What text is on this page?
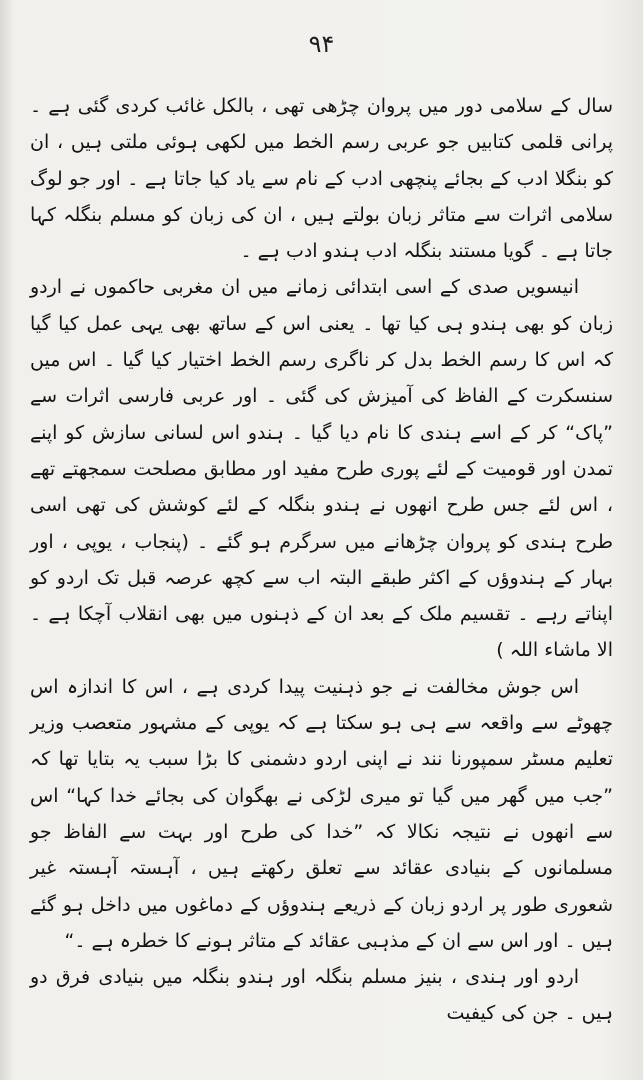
۹۴

سال کے سلامی دور میں پروان چڑھی تھی ، بالکل غائب کردی گئی ہے ۔ پرانی قلمی کتابیں جو عربی رسم الخط میں لکھی ہوئی ملتی ہیں ، ان کو بنگلا ادب کے بجائے پنچھی ادب کے نام سے یاد کیا جاتا ہے ۔ اور جو لوگ سلامی اثرات سے متاثر زبان بولتے ہیں ، ان کی زبان کو مسلم بنگلہ کہا جاتا ہے ۔ گویا مستند بنگلہ ادب ہندو ادب ہے ۔

انیسویں صدی کے اسی ابتدائی زمانے میں ان مغربی حاکموں نے اردو زبان کو بھی ہندو ہی کیا تھا ۔ یعنی اس کے ساتھ بھی یہی عمل کیا گیا کہ اس کا رسم الخط بدل کر ناگری رسم الخط اختیار کیا گیا ۔ اس میں سنسکرت کے الفاظ کی آمیزش کی گئی ۔ اور عربی فارسی اثرات سے ”پاک“ کر کے اسے ہندی کا نام دیا گیا ۔ ہندو اس لسانی سازش کو اپنے تمدن اور قومیت کے لئے پوری طرح مفید اور مطابق مصلحت سمجھتے تھے ، اس لئے جس طرح انھوں نے ہندو بنگلہ کے لئے کوشش کی تھی اسی طرح ہندی کو پروان چڑھانے میں سرگرم ہو گئے ۔ (پنجاب ، یوپی ، اور بہار کے ہندوؤں کے اکثر طبقے البتہ اب سے کچھ عرصہ قبل تک اردو کو اپناتے رہے ۔ تقسیم ملک کے بعد ان کے ذہنوں میں بھی انقلاب آچکا ہے ۔ الا ماشاء اللہ )

اس جوش مخالفت نے جو ذہنیت پیدا کردی ہے ، اس کا اندازہ اس چھوٹے سے واقعہ سے ہی ہو سکتا ہے کہ یوپی کے مشہور متعصب وزیر تعلیم مسٹر سمپورنا نند نے اپنی اردو دشمنی کا بڑا سبب یہ بتایا تھا کہ ”جب میں گھر میں گیا تو میری لڑکی نے بھگوان کی بجائے خدا کہا“ اس سے انھوں نے نتیجہ نکالا کہ ”خدا کی طرح اور بہت سے الفاظ جو مسلمانوں کے بنیادی عقائد سے تعلق رکھتے ہیں ، آہستہ آہستہ غیر شعوری طور پر اردو زبان کے ذریعے ہندوؤں کے دماغوں میں داخل ہو گئے ہیں ۔ اور اس سے ان کے مذہبی عقائد کے متاثر ہونے کا خطرہ ہے ۔“

اردو اور ہندی ، بنیز مسلم بنگلہ اور ہندو بنگلہ میں بنیادی فرق دو ہیں ۔ جن کی کیفیت
